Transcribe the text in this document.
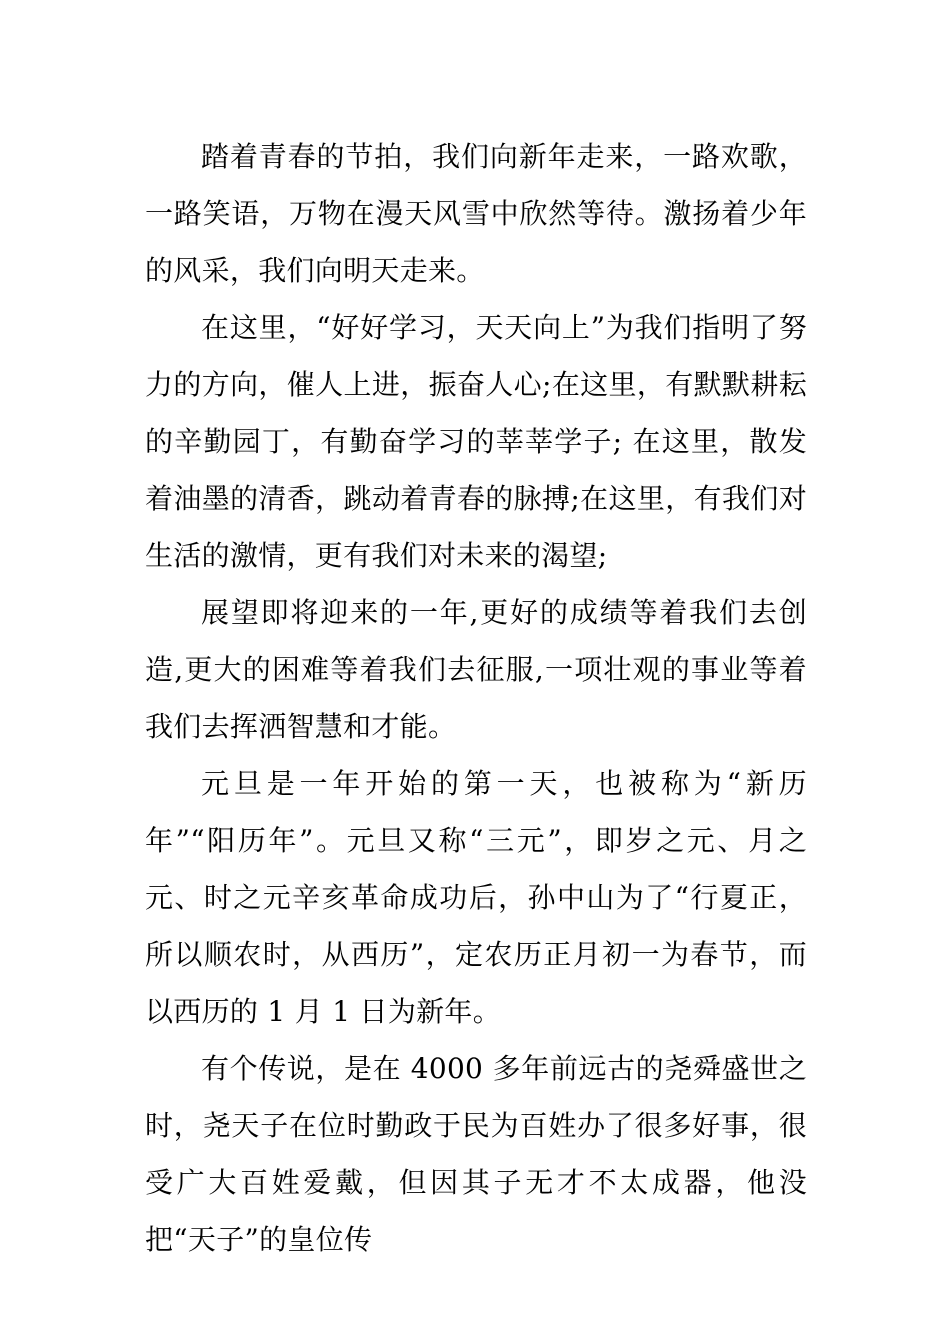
踏着青春的节拍，我们向新年走来，一路欢歌，一路笑语，万物在漫天风雪中欣然等待。激扬着少年的风采，我们向明天走来。

在这里，“好好学习，天天向上”为我们指明了努力的方向，催人上进，振奋人心;在这里，有默默耕耘的辛勤园丁，有勤奋学习的莘莘学子; 在这里，散发着油墨的清香，跳动着青春的脉搏;在这里，有我们对生活的激情，更有我们对未来的渴望;

展望即将迎来的一年,更好的成绩等着我们去创造,更大的困难等着我们去征服,一项壮观的事业等着我们去挥洒智慧和才能。

元旦是一年开始的第一天，也被称为“新历年”“阳历年”。元旦又称“三元”，即岁之元、月之元、时之元辛亥革命成功后，孙中山为了“行夏正，所以顺农时，从西历”，定农历正月初一为春节，而以西历的 1 月 1 日为新年。

有个传说，是在 4000 多年前远古的尧舜盛世之时，尧天子在位时勤政于民为百姓办了很多好事，很受广大百姓爱戴，但因其子无才不太成器，他没把“天子”的皇位传
